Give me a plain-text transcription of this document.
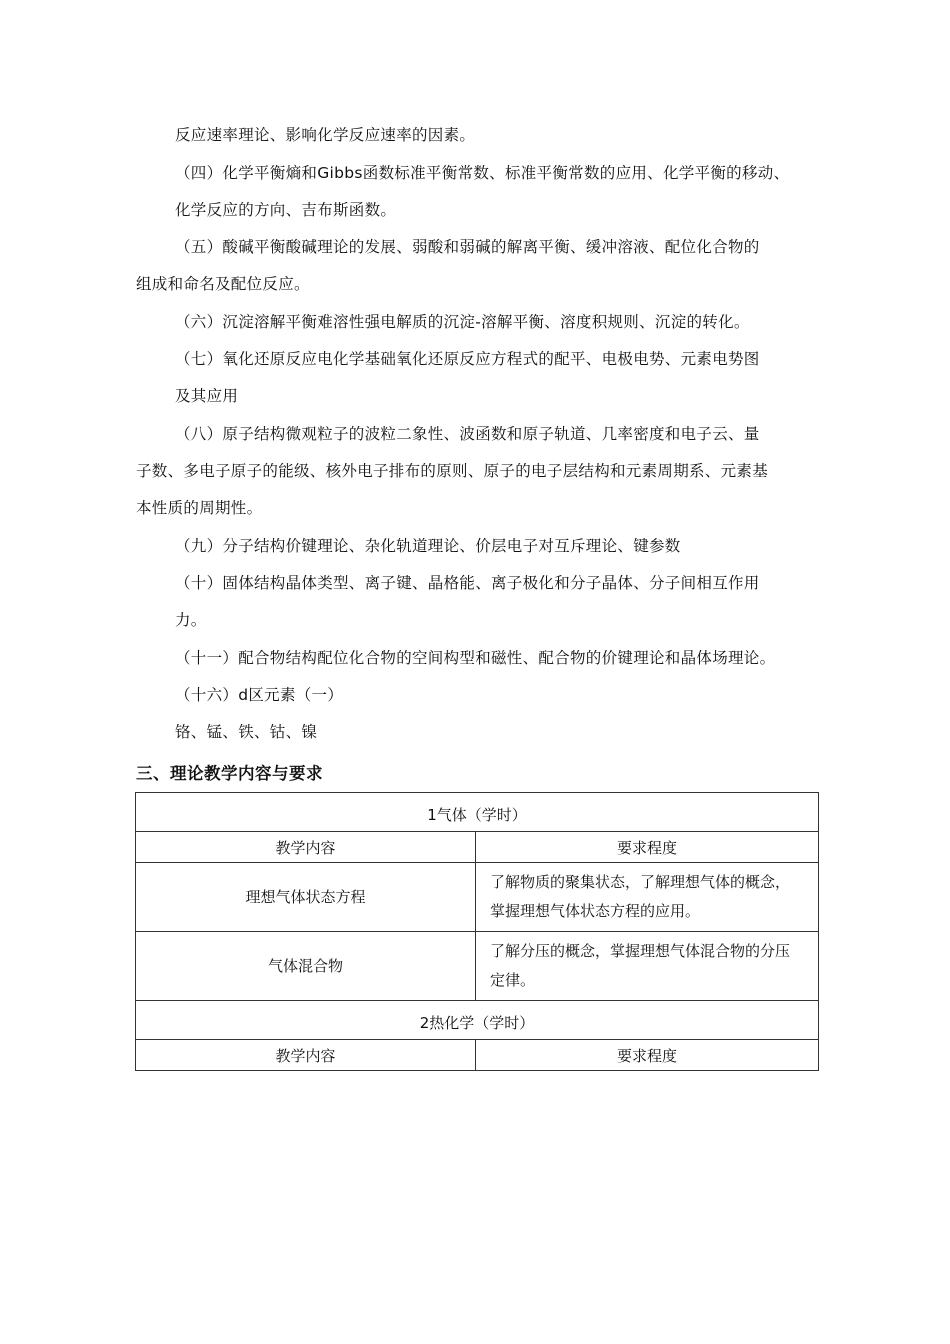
反应速率理论、影响化学反应速率的因素。
（四）化学平衡熵和Gibbs函数标准平衡常数、标准平衡常数的应用、化学平衡的移动、
化学反应的方向、吉布斯函数。
（五）酸碱平衡酸碱理论的发展、弱酸和弱碱的解离平衡、缓冲溶液、配位化合物的
组成和命名及配位反应。
（六）沉淀溶解平衡难溶性强电解质的沉淀-溶解平衡、溶度积规则、沉淀的转化。
（七）氧化还原反应电化学基础氧化还原反应方程式的配平、电极电势、元素电势图
及其应用
（八）原子结构微观粒子的波粒二象性、波函数和原子轨道、几率密度和电子云、量
子数、多电子原子的能级、核外电子排布的原则、原子的电子层结构和元素周期系、元素基
本性质的周期性。
（九）分子结构价键理论、杂化轨道理论、价层电子对互斥理论、键参数
（十）固体结构晶体类型、离子键、晶格能、离子极化和分子晶体、分子间相互作用
力。
（十一）配合物结构配位化合物的空间构型和磁性、配合物的价键理论和晶体场理论。
（十六）d区元素（一）
铬、锰、铁、钴、镍
三、理论教学内容与要求
1气体（学时）	
教学内容	要求程度
理想气体状态方程	了解物质的聚集状态，了解理想气体的概念，掌握理想气体状态方程的应用。
气体混合物	了解分压的概念，掌握理想气体混合物的分压定律。
2热化学（学时）	
教学内容	要求程度
